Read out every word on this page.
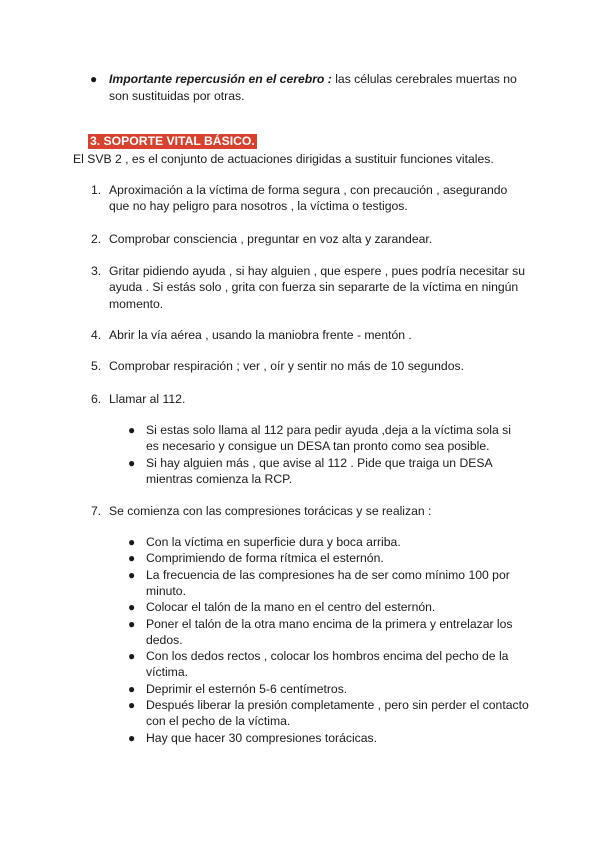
● Importante repercusión en el cerebro : las células cerebrales muertas no
son sustituidas por otras.
3. SOPORTE VITAL BÁSICO.
El SVB 2 , es el conjunto de actuaciones dirigidas a sustituir funciones vitales.
1. Aproximación a la víctima de forma segura , con precaución , asegurando
que no hay peligro para nosotros , la víctima o testigos.
2. Comprobar consciencia , preguntar en voz alta y zarandear.
3. Gritar pidiendo ayuda , si hay alguien , que espere , pues podría necesitar su
ayuda . Si estás solo , grita con fuerza sin separarte de la víctima en ningún
momento.
4. Abrir la vía aérea , usando la maniobra frente - mentón .
5. Comprobar respiración ; ver , oír y sentir no más de 10 segundos.
6. Llamar al 112.
7. Se comienza con las compresiones torácicas y se realizan :
● Si estas solo llama al 112 para pedir ayuda ,deja a la víctima sola si
es necesario y consigue un DESA tan pronto como sea posible.
● Si hay alguien más , que avise al 112 . Pide que traiga un DESA
mientras comienza la RCP.
● Con la víctima en superficie dura y boca arriba.
● Comprimiendo de forma rítmica el esternón.
● La frecuencia de las compresiones ha de ser como mínimo 100 por
minuto.
● Colocar el talón de la mano en el centro del esternón.
● Poner el talón de la otra mano encima de la primera y entrelazar los
dedos.
● Con los dedos rectos , colocar los hombros encima del pecho de la
víctima.
● Deprimir el esternón 5-6 centímetros.
● Después liberar la presión completamente , pero sin perder el contacto
con el pecho de la víctima.
● Hay que hacer 30 compresiones torácicas.
